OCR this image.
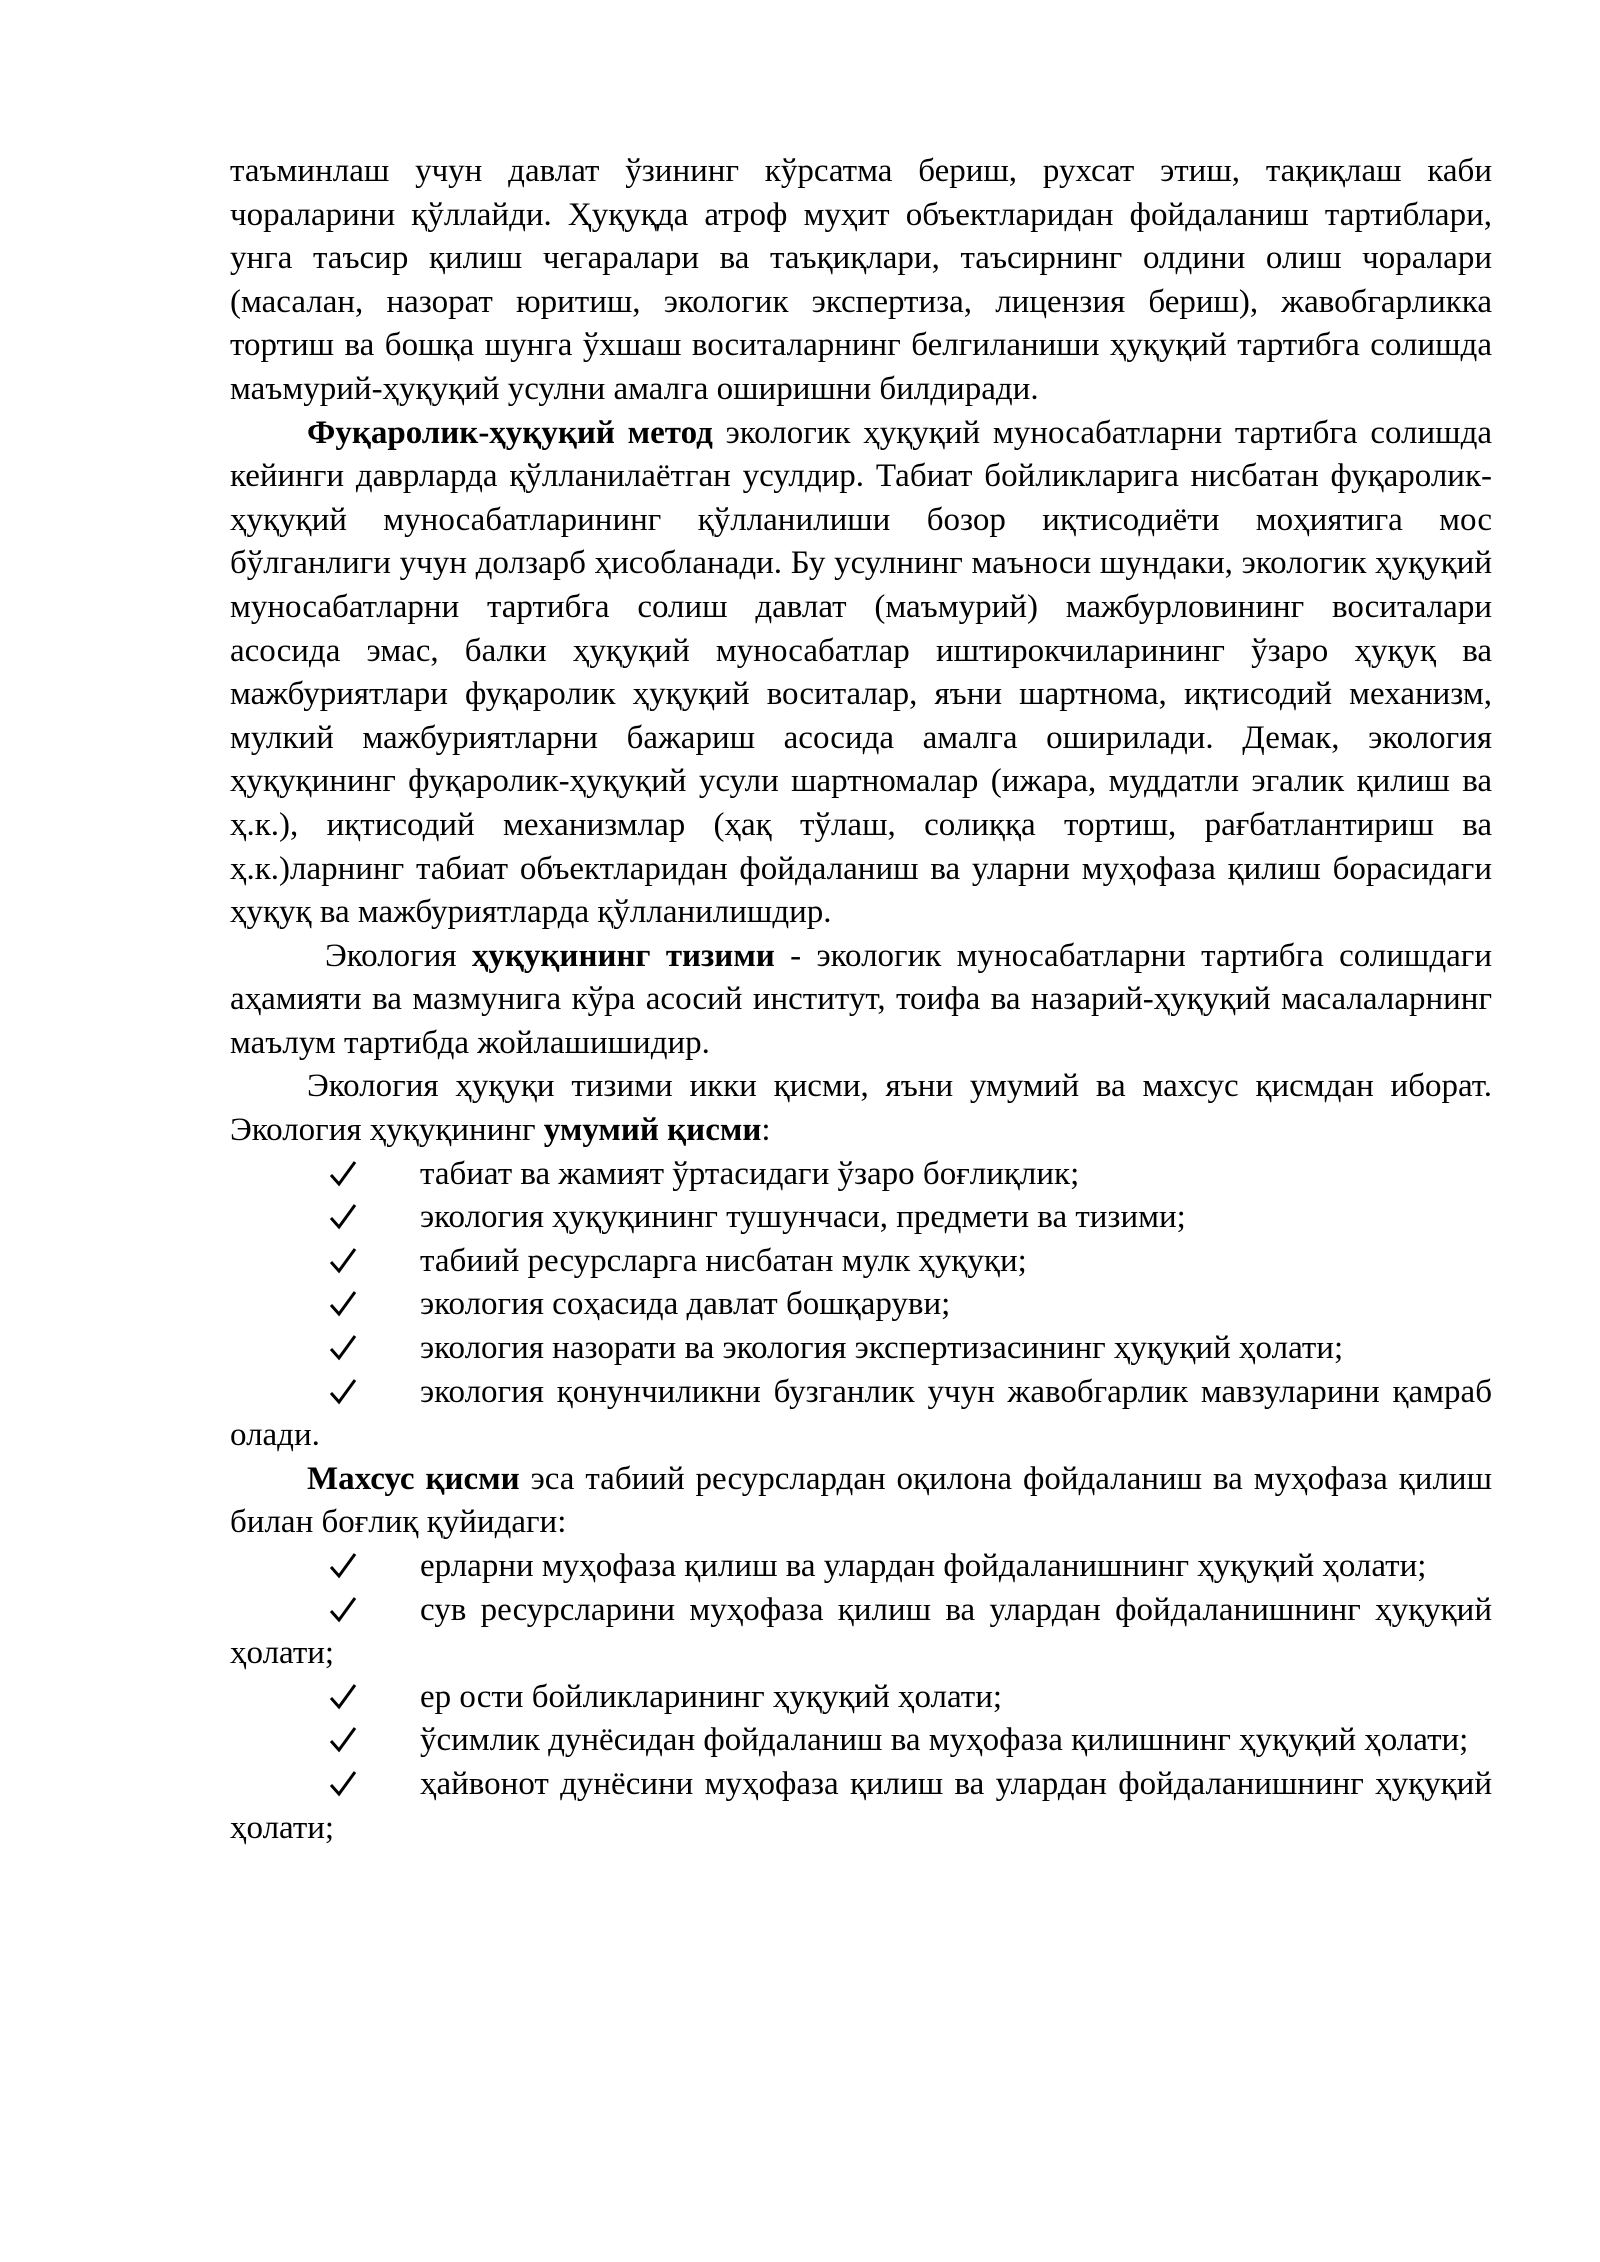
таъминлаш учун давлат ўзининг кўрсатма бериш, рухсат этиш, тақиқлаш каби чораларини қўллайди. Ҳуқуқда атроф муҳит объектларидан фойдаланиш тартиблари, унга таъсир қилиш чегаралари ва таъқиқлари, таъсирнинг олдини олиш чоралари (масалан, назорат юритиш, экологик экспертиза, лицензия бериш), жавобгарликка тортиш ва бошқа шунга ўхшаш воситаларнинг белгиланиши ҳуқуқий тартибга солишда маъмурий-ҳуқуқий усулни амалга оширишни билдиради.

Фуқаролик-ҳуқуқий метод экологик ҳуқуқий муносабатларни тартибга солишда кейинги даврларда қўлланилаётган усулдир. Табиат бойликларига нисбатан фуқаролик-ҳуқуқий муносабатларининг қўлланилиши бозор иқтисодиёти моҳиятига мос бўлганлиги учун долзарб ҳисобланади. Бу усулнинг маъноси шундаки, экологик ҳуқуқий муносабатларни тартибга солиш давлат (маъмурий) мажбурловининг воситалари асосида эмас, балки ҳуқуқий муносабатлар иштирокчиларининг ўзаро ҳуқуқ ва мажбуриятлари фуқаролик ҳуқуқий воситалар, яъни шартнома, иқтисодий механизм, мулкий мажбуриятларни бажариш асосида амалга оширилади. Демак, экология ҳуқуқининг фуқаролик-ҳуқуқий усули шартномалар (ижара, муддатли эгалик қилиш ва ҳ.к.), иқтисодий механизмлар (ҳақ тўлаш, солиққа тортиш, рағбатлантириш ва ҳ.к.)ларнинг табиат объектларидан фойдаланиш ва уларни муҳофаза қилиш борасидаги ҳуқуқ ва мажбуриятларда қўлланилишдир.

Экология ҳуқуқининг тизими - экологик муносабатларни тартибга солишдаги аҳамияти ва мазмунига кўра асосий институт, тоифа ва назарий-ҳуқуқий масалаларнинг маълум тартибда жойлашишидир.

Экология ҳуқуқи тизими икки қисми, яъни умумий ва махсус қисмдан иборат. Экология ҳуқуқининг умумий қисми:

табиат ва жамият ўртасидаги ўзаро боғлиқлик;

экология ҳуқуқининг тушунчаси, предмети ва тизими;

табиий ресурсларга нисбатан мулк ҳуқуқи;

экология соҳасида давлат бошқаруви;

экология назорати ва экология экспертизасининг ҳуқуқий ҳолати;

экология қонунчиликни бузганлик учун жавобгарлик мавзуларини қамраб олади.

Махсус қисми эса табиий ресурслардан оқилона фойдаланиш ва муҳофаза қилиш билан боғлиқ қуйидаги:

ерларни муҳофаза қилиш ва улардан фойдаланишнинг ҳуқуқий ҳолати;

сув ресурсларини муҳофаза қилиш ва улардан фойдаланишнинг ҳуқуқий ҳолати;

ер ости бойликларининг ҳуқуқий ҳолати;

ўсимлик дунёсидан фойдаланиш ва муҳофаза қилишнинг ҳуқуқий ҳолати;

ҳайвонот дунёсини муҳофаза қилиш ва улардан фойдаланишнинг ҳуқуқий ҳолати;
